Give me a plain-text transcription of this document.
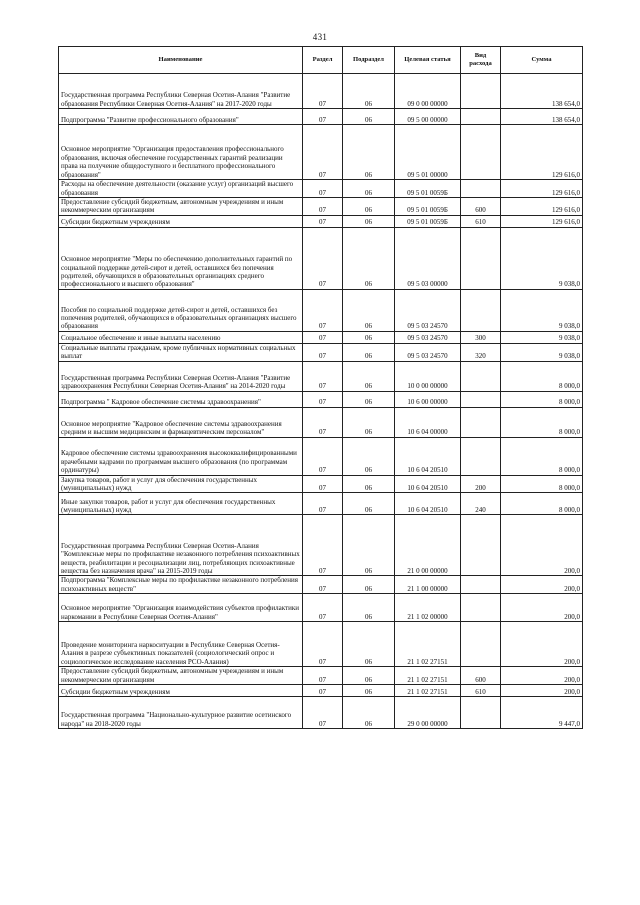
431
Наименование	Раздел	Подраздел	Целевая статья	Вид расхода	Сумма
Государственная программа Республики Северная Осетия-Алания "Развитие образования Республики Северная Осетия-Алания" на 2017-2020 годы	07	06	09 0 00 00000		138 654,0
Подпрограмма "Развитие профессионального образования"	07	06	09 5 00 00000		138 654,0
Основное мероприятие "Организация предоставления профессионального образования, включая обеспечение государственных гарантий реализации права на получение общедоступного и бесплатного профессионального образования"	07	06	09 5 01 00000		129 616,0
Расходы на обеспечение деятельности (оказание услуг) организаций высшего образования	07	06	09 5 01 0059Б		129 616,0
Предоставление субсидий бюджетным, автономным учреждениям и иным некоммерческим организациям	07	06	09 5 01 0059Б	600	129 616,0
Субсидии бюджетным учреждениям	07	06	09 5 01 0059Б	610	129 616,0
Основное мероприятие "Меры по обеспечению дополнительных гарантий по социальной поддержке детей-сирот и детей, оставшихся без попечения родителей, обучающихся в образовательных организациях среднего профессионального и высшего образования"	07	06	09 5 03 00000		9 038,0
Пособия по социальной поддержке детей-сирот и детей, оставшихся без попечения родителей, обучающихся в образовательных организациях высшего образования	07	06	09 5 03 24570		9 038,0
Социальное обеспечение и иные выплаты населению	07	06	09 5 03 24570	300	9 038,0
Социальные выплаты гражданам, кроме публичных нормативных социальных выплат	07	06	09 5 03 24570	320	9 038,0
Государственная программа Республики Северная Осетия-Алания "Развитие здравоохранения Республики Северная Осетия-Алания" на 2014-2020 годы	07	06	10 0 00 00000		8 000,0
Подпрограмма " Кадровое обеспечение системы здравоохранения"	07	06	10 6 00 00000		8 000,0
Основное мероприятие "Кадровое обеспечение системы здравоохранения средним и высшим медицинским и фармацевтическим персоналом"	07	06	10 6 04 00000		8 000,0
Кадровое обеспечение системы здравоохранения высококвалифицированными врачебными кадрами по программам высшего образования (по программам ординатуры)	07	06	10 6 04 20510		8 000,0
Закупка товаров, работ и услуг для обеспечения государственных (муниципальных) нужд	07	06	10 6 04 20510	200	8 000,0
Иные закупки товаров, работ и услуг для обеспечения государственных (муниципальных) нужд	07	06	10 6 04 20510	240	8 000,0
Государственная программа Республики Северная Осетия-Алания "Комплексные меры по профилактике незаконного потребления психоактивных веществ, реабилитации и ресоциализации лиц, потребляющих психоактивные вещества без назначения врача" на 2015-2019 годы	07	06	21 0 00 00000		200,0
Подпрограмма "Комплексные меры по профилактике незаконного потребления психоактивных веществ"	07	06	21 1 00 00000		200,0
Основное мероприятие "Организация взаимодействия субъектов профилактики наркомании в Республике Северная Осетия-Алания"	07	06	21 1 02 00000		200,0
Проведение мониторинга наркоситуации в Республике Северная Осетия-Алания в разрезе субъективных показателей (социологический опрос и социологическое исследование населения РСО-Алания)	07	06	21 1 02 27151		200,0
Предоставление субсидий бюджетным, автономным учреждениям и иным некоммерческим организациям	07	06	21 1 02 27151	600	200,0
Субсидии бюджетным учреждениям	07	06	21 1 02 27151	610	200,0
Государственная программа "Национально-культурное развитие осетинского народа" на 2018-2020 годы	07	06	29 0 00 00000		9 447,0
